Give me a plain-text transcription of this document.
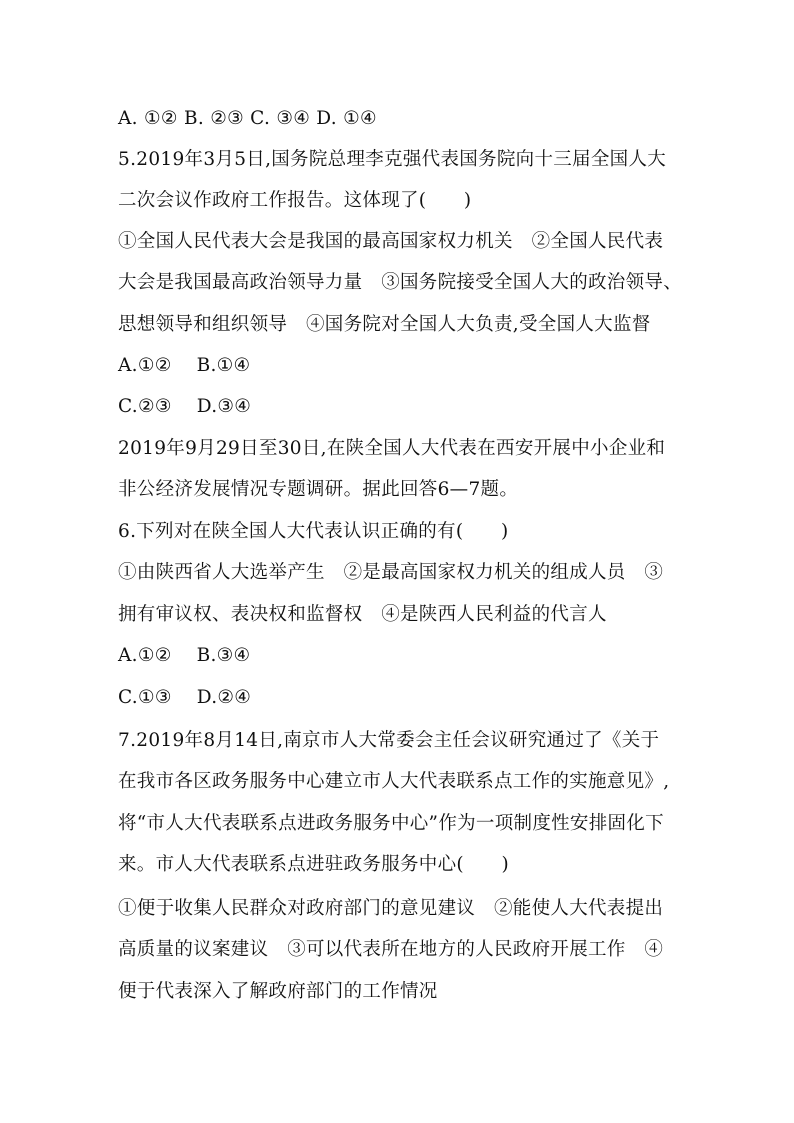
A. ①② B. ②③ C. ③④ D. ①④
5.2019年3月5日,国务院总理李克强代表国务院向十三届全国人大
二次会议作政府工作报告。这体现了(　　)
①全国人民代表大会是我国的最高国家权力机关　②全国人民代表
大会是我国最高政治领导力量　③国务院接受全国人大的政治领导、
思想领导和组织领导　④国务院对全国人大负责,受全国人大监督
A.①②　 B.①④
C.②③　 D.③④
2019年9月29日至30日,在陕全国人大代表在西安开展中小企业和
非公经济发展情况专题调研。据此回答6—7题。
6.下列对在陕全国人大代表认识正确的有(　　)
①由陕西省人大选举产生　②是最高国家权力机关的组成人员　③
拥有审议权、表决权和监督权　④是陕西人民利益的代言人
A.①②　 B.③④
C.①③　 D.②④
7.2019年8月14日,南京市人大常委会主任会议研究通过了《关于
在我市各区政务服务中心建立市人大代表联系点工作的实施意见》,
将“市人大代表联系点进政务服务中心”作为一项制度性安排固化下
来。市人大代表联系点进驻政务服务中心(　　)
①便于收集人民群众对政府部门的意见建议　②能使人大代表提出
高质量的议案建议　③可以代表所在地方的人民政府开展工作　④
便于代表深入了解政府部门的工作情况
